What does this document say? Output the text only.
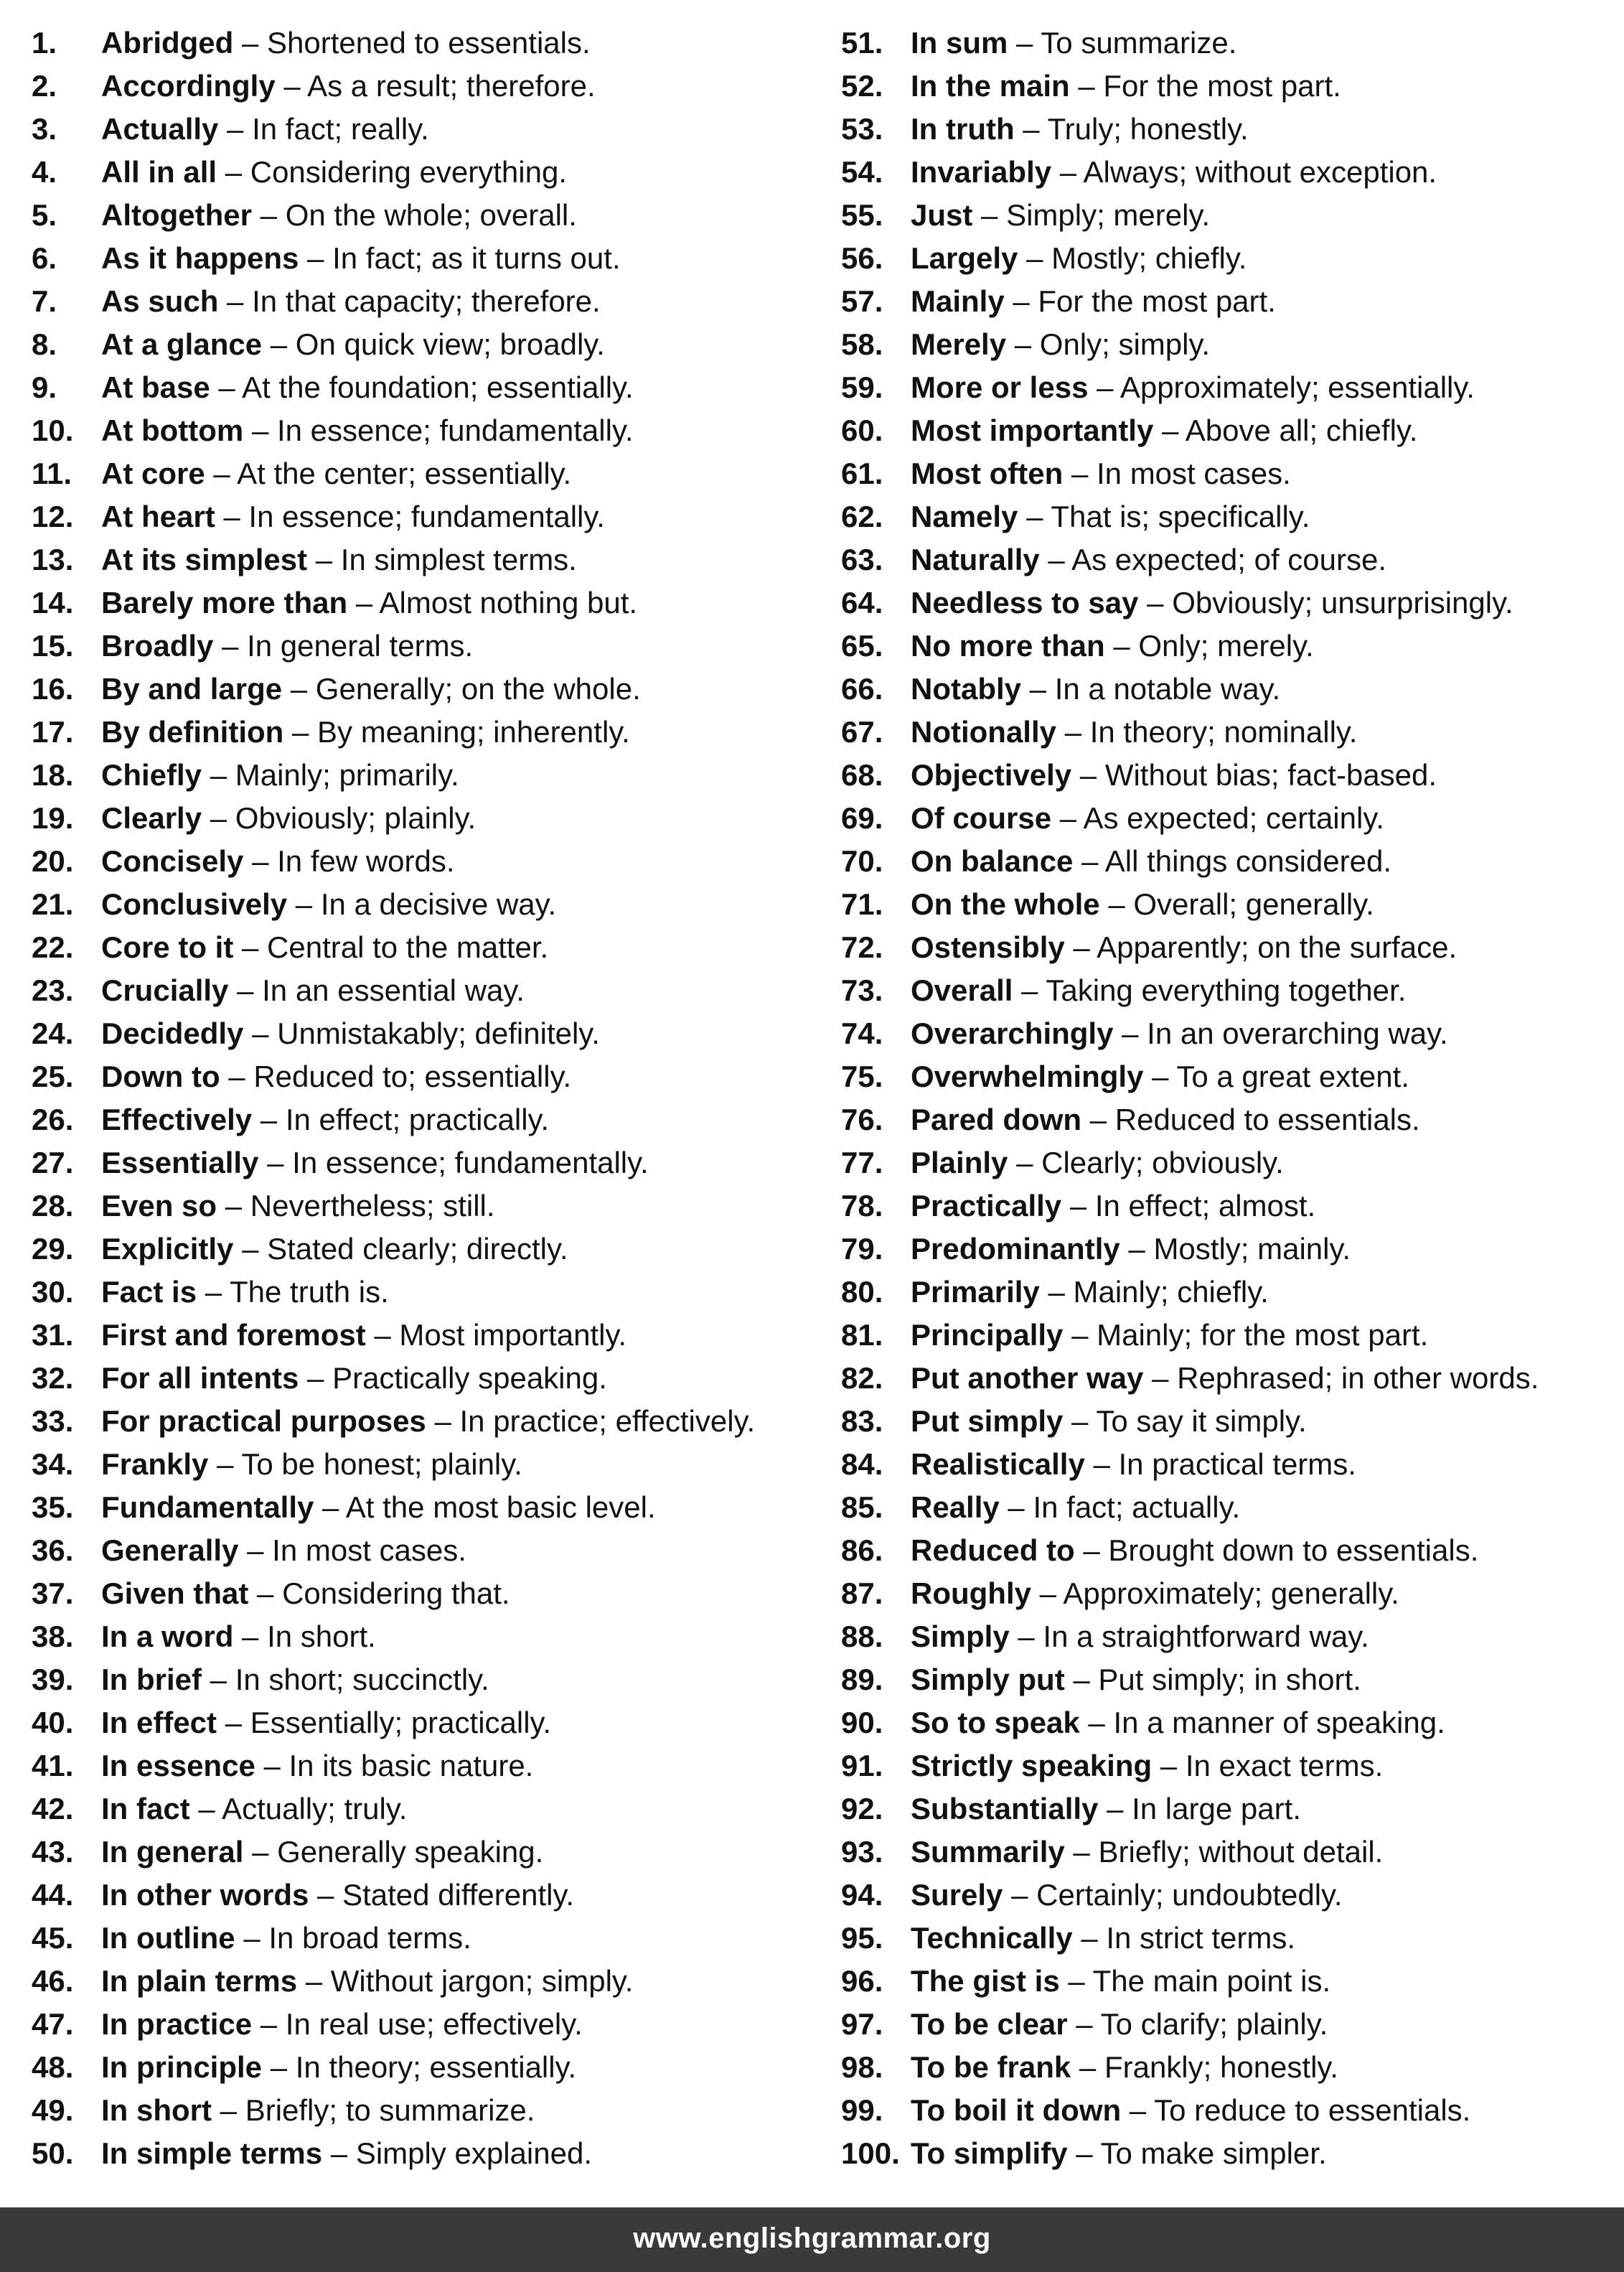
1. Abridged – Shortened to essentials.
2. Accordingly – As a result; therefore.
3. Actually – In fact; really.
4. All in all – Considering everything.
5. Altogether – On the whole; overall.
6. As it happens – In fact; as it turns out.
7. As such – In that capacity; therefore.
8. At a glance – On quick view; broadly.
9. At base – At the foundation; essentially.
10. At bottom – In essence; fundamentally.
11. At core – At the center; essentially.
12. At heart – In essence; fundamentally.
13. At its simplest – In simplest terms.
14. Barely more than – Almost nothing but.
15. Broadly – In general terms.
16. By and large – Generally; on the whole.
17. By definition – By meaning; inherently.
18. Chiefly – Mainly; primarily.
19. Clearly – Obviously; plainly.
20. Concisely – In few words.
21. Conclusively – In a decisive way.
22. Core to it – Central to the matter.
23. Crucially – In an essential way.
24. Decidedly – Unmistakably; definitely.
25. Down to – Reduced to; essentially.
26. Effectively – In effect; practically.
27. Essentially – In essence; fundamentally.
28. Even so – Nevertheless; still.
29. Explicitly – Stated clearly; directly.
30. Fact is – The truth is.
31. First and foremost – Most importantly.
32. For all intents – Practically speaking.
33. For practical purposes – In practice; effectively.
34. Frankly – To be honest; plainly.
35. Fundamentally – At the most basic level.
36. Generally – In most cases.
37. Given that – Considering that.
38. In a word – In short.
39. In brief – In short; succinctly.
40. In effect – Essentially; practically.
41. In essence – In its basic nature.
42. In fact – Actually; truly.
43. In general – Generally speaking.
44. In other words – Stated differently.
45. In outline – In broad terms.
46. In plain terms – Without jargon; simply.
47. In practice – In real use; effectively.
48. In principle – In theory; essentially.
49. In short – Briefly; to summarize.
50. In simple terms – Simply explained.
51. In sum – To summarize.
52. In the main – For the most part.
53. In truth – Truly; honestly.
54. Invariably – Always; without exception.
55. Just – Simply; merely.
56. Largely – Mostly; chiefly.
57. Mainly – For the most part.
58. Merely – Only; simply.
59. More or less – Approximately; essentially.
60. Most importantly – Above all; chiefly.
61. Most often – In most cases.
62. Namely – That is; specifically.
63. Naturally – As expected; of course.
64. Needless to say – Obviously; unsurprisingly.
65. No more than – Only; merely.
66. Notably – In a notable way.
67. Notionally – In theory; nominally.
68. Objectively – Without bias; fact-based.
69. Of course – As expected; certainly.
70. On balance – All things considered.
71. On the whole – Overall; generally.
72. Ostensibly – Apparently; on the surface.
73. Overall – Taking everything together.
74. Overarchingly – In an overarching way.
75. Overwhelmingly – To a great extent.
76. Pared down – Reduced to essentials.
77. Plainly – Clearly; obviously.
78. Practically – In effect; almost.
79. Predominantly – Mostly; mainly.
80. Primarily – Mainly; chiefly.
81. Principally – Mainly; for the most part.
82. Put another way – Rephrased; in other words.
83. Put simply – To say it simply.
84. Realistically – In practical terms.
85. Really – In fact; actually.
86. Reduced to – Brought down to essentials.
87. Roughly – Approximately; generally.
88. Simply – In a straightforward way.
89. Simply put – Put simply; in short.
90. So to speak – In a manner of speaking.
91. Strictly speaking – In exact terms.
92. Substantially – In large part.
93. Summarily – Briefly; without detail.
94. Surely – Certainly; undoubtedly.
95. Technically – In strict terms.
96. The gist is – The main point is.
97. To be clear – To clarify; plainly.
98. To be frank – Frankly; honestly.
99. To boil it down – To reduce to essentials.
100. To simplify – To make simpler.
www.englishgrammar.org
